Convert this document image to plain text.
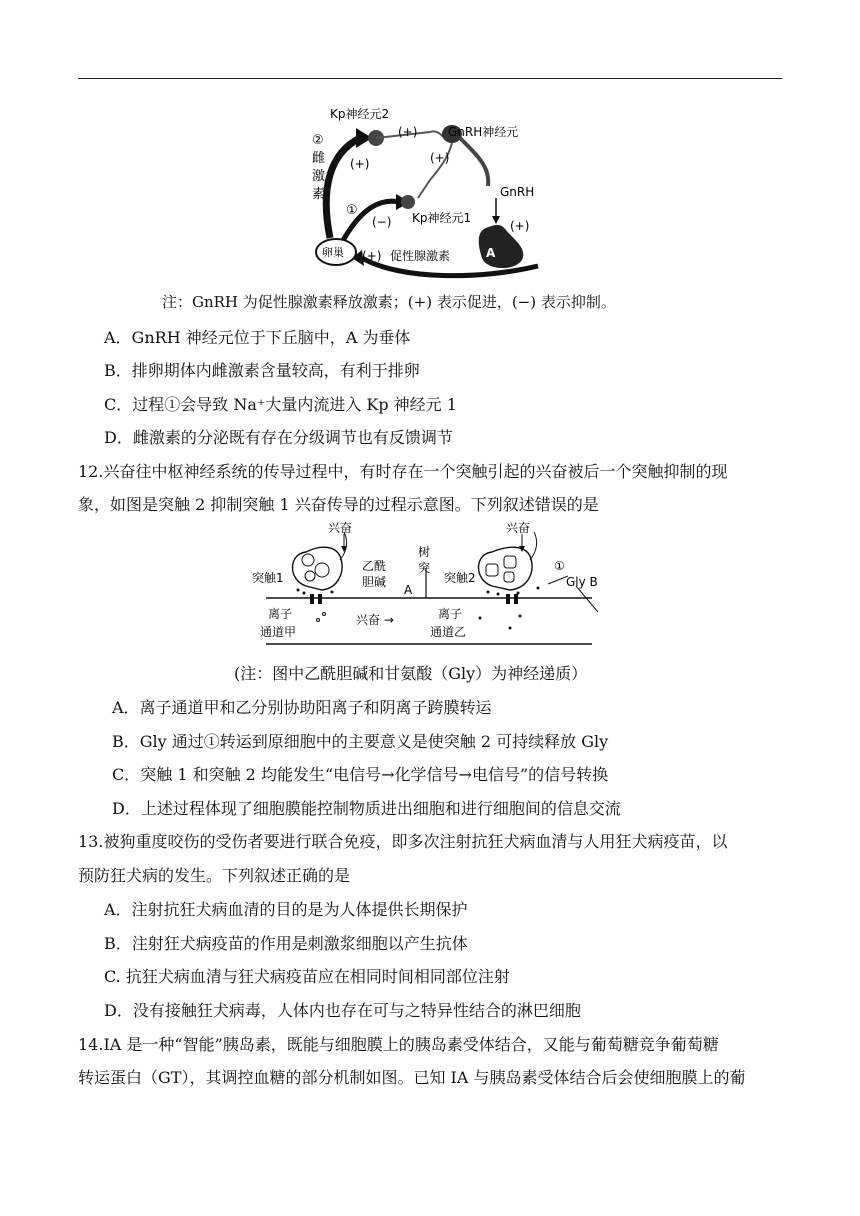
Kp神经元2
GnRH神经元
GnRH
Kp神经元1
卵巢	促性腺激素	A
②
雌
激
素
①
(+)
(+)
(+)
(−)	(+)
(+)
注：GnRH 为促性腺激素释放激素；(+) 表示促进，(−) 表示抑制。
A．GnRH 神经元位于下丘脑中，A 为垂体
B．排卵期体内雌激素含量较高，有利于排卵
C．过程①会导致 Na⁺大量内流进入 Kp 神经元 1
D．雌激素的分泌既有存在分级调节也有反馈调节
12.兴奋往中枢神经系统的传导过程中，有时存在一个突触引起的兴奋被后一个突触抑制的现
象，如图是突触 2 抑制突触 1 兴奋传导的过程示意图。下列叙述错误的是
兴奋	兴奋
突触1	突触2
乙酰
胆碱
树
突
A
Gly B
①
离子
通道甲
离子
通道乙
兴奋 →
(注：图中乙酰胆碱和甘氨酸（Gly）为神经递质）
A．离子通道甲和乙分别协助阳离子和阴离子跨膜转运
B．Gly 通过①转运到原细胞中的主要意义是使突触 2 可持续释放 Gly
C．突触 1 和突触 2 均能发生“电信号→化学信号→电信号”的信号转换
D．上述过程体现了细胞膜能控制物质进出细胞和进行细胞间的信息交流
13.被狗重度咬伤的受伤者要进行联合免疫，即多次注射抗狂犬病血清与人用狂犬病疫苗，以
预防狂犬病的发生。下列叙述正确的是
A．注射抗狂犬病血清的目的是为人体提供长期保护
B．注射狂犬病疫苗的作用是刺激浆细胞以产生抗体
C. 抗狂犬病血清与狂犬病疫苗应在相同时间相同部位注射
D．没有接触狂犬病毒，人体内也存在可与之特异性结合的淋巴细胞
14.IA 是一种“智能”胰岛素，既能与细胞膜上的胰岛素受体结合，又能与葡萄糖竞争葡萄糖
转运蛋白（GT），其调控血糖的部分机制如图。已知 IA 与胰岛素受体结合后会使细胞膜上的葡
